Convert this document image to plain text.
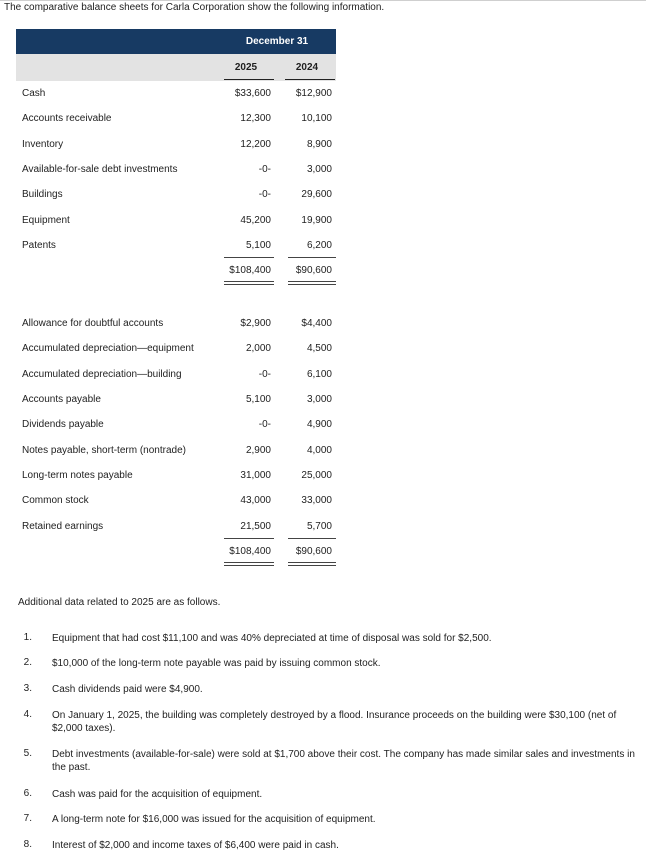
The comparative balance sheets for Carla Corporation show the following information.
December 31
2025	2024
Cash	$33,600	$12,900
Accounts receivable	12,300	10,100
Inventory	12,200	8,900
Available-for-sale debt investments	-0-	3,000
Buildings	-0-	29,600
Equipment	45,200	19,900
Patents	5,100	6,200
$108,400	$90,600
Allowance for doubtful accounts	$2,900	$4,400
Accumulated depreciation—equipment	2,000	4,500
Accumulated depreciation—building	-0-	6,100
Accounts payable	5,100	3,000
Dividends payable	-0-	4,900
Notes payable, short-term (nontrade)	2,900	4,000
Long-term notes payable	31,000	25,000
Common stock	43,000	33,000
Retained earnings	21,500	5,700
$108,400	$90,600
Additional data related to 2025 are as follows.
1. Equipment that had cost $11,100 and was 40% depreciated at time of disposal was sold for $2,500.
2. $10,000 of the long-term note payable was paid by issuing common stock.
3. Cash dividends paid were $4,900.
4. On January 1, 2025, the building was completely destroyed by a flood. Insurance proceeds on the building were $30,100 (net of $2,000 taxes).
5. Debt investments (available-for-sale) were sold at $1,700 above their cost. The company has made similar sales and investments in the past.
6. Cash was paid for the acquisition of equipment.
7. A long-term note for $16,000 was issued for the acquisition of equipment.
8. Interest of $2,000 and income taxes of $6,400 were paid in cash.
